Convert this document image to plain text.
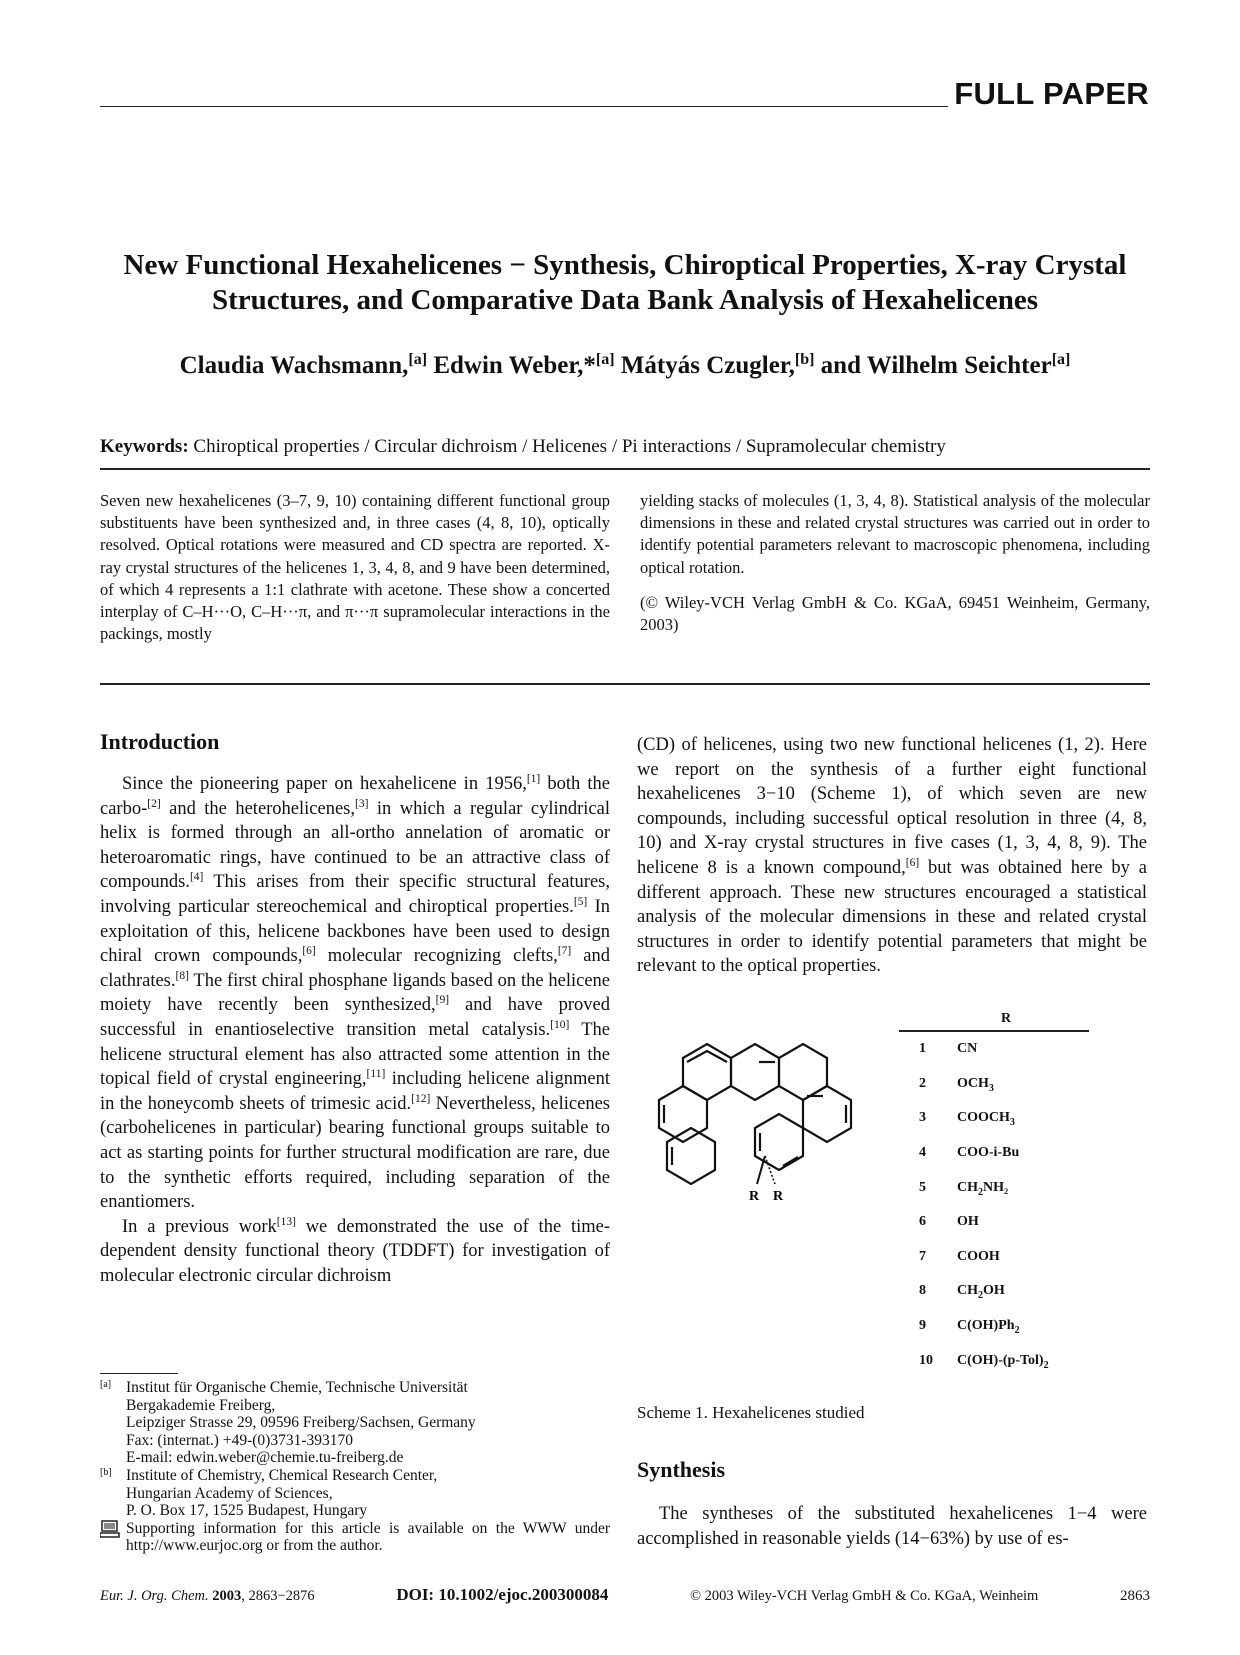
FULL PAPER
New Functional Hexahelicenes − Synthesis, Chiroptical Properties, X-ray Crystal Structures, and Comparative Data Bank Analysis of Hexahelicenes
Claudia Wachsmann,[a] Edwin Weber,*[a] Mátyás Czugler,[b] and Wilhelm Seichter[a]
Keywords: Chiroptical properties / Circular dichroism / Helicenes / Pi interactions / Supramolecular chemistry

Seven new hexahelicenes (3–7, 9, 10) containing different functional group substituents have been synthesized and, in three cases (4, 8, 10), optically resolved. Optical rotations were measured and CD spectra are reported. X-ray crystal structures of the helicenes 1, 3, 4, 8, and 9 have been determined, of which 4 represents a 1:1 clathrate with acetone. These show a concerted interplay of C–H···O, C–H···π, and π···π supramolecular interactions in the packings, mostly

yielding stacks of molecules (1, 3, 4, 8). Statistical analysis of the molecular dimensions in these and related crystal structures was carried out in order to identify potential parameters relevant to macroscopic phenomena, including optical rotation.

(© Wiley-VCH Verlag GmbH & Co. KGaA, 69451 Weinheim, Germany, 2003)

Introduction

Since the pioneering paper on hexahelicene in 1956,[1] both the carbo-[2] and the heterohelicenes,[3] in which a regular cylindrical helix is formed through an all-ortho annelation of aromatic or heteroaromatic rings, have continued to be an attractive class of compounds.[4] This arises from their specific structural features, involving particular stereochemical and chiroptical properties.[5] In exploitation of this, helicene backbones have been used to design chiral crown compounds,[6] molecular recognizing clefts,[7] and clathrates.[8] The first chiral phosphane ligands based on the helicene moiety have recently been synthesized,[9] and have proved successful in enantioselective transition metal catalysis.[10] The helicene structural element has also attracted some attention in the topical field of crystal engineering,[11] including helicene alignment in the honeycomb sheets of trimesic acid.[12] Nevertheless, helicenes (carbohelicenes in particular) bearing functional groups suitable to act as starting points for further structural modification are rare, due to the synthetic efforts required, including separation of the enantiomers.

In a previous work[13] we demonstrated the use of the time-dependent density functional theory (TDDFT) for investigation of molecular electronic circular dichroism

(CD) of helicenes, using two new functional helicenes (1, 2). Here we report on the synthesis of a further eight functional hexahelicenes 3−10 (Scheme 1), of which seven are new compounds, including successful optical resolution in three (4, 8, 10) and X-ray crystal structures in five cases (1, 3, 4, 8, 9). The helicene 8 is a known compound,[6] but was obtained here by a different approach. These new structures encouraged a statistical analysis of the molecular dimensions in these and related crystal structures in order to identify potential parameters that might be relevant to the optical properties.

R R
R
1	CN
2	$OCH_3$
3	$COOCH_3$
4	COO-i-Bu
5	$CH_2NH_2$
6	OH
7	COOH
8	$CH_2OH$
9	$C(OH)Ph_2$
10	$C(OH)-(p-Tol)_2$
Scheme 1. Hexahelicenes studied
Synthesis

The syntheses of the substituted hexahelicenes 1−4 were accomplished in reasonable yields (14−63%) by use of es-

[a] Institut für Organische Chemie, Technische Universität
Bergakademie Freiberg,
Leipziger Strasse 29, 09596 Freiberg/Sachsen, Germany
Fax: (internat.) +49-(0)3731-393170
E-mail: edwin.weber@chemie.tu-freiberg.de
[b] Institute of Chemistry, Chemical Research Center,
Hungarian Academy of Sciences,
P. O. Box 17, 1525 Budapest, Hungary
Supporting information for this article is available on the WWW under http://www.eurjoc.org or from the author.
Eur. J. Org. Chem. 2003, 2863−2876	DOI: 10.1002/ejoc.200300084	© 2003 Wiley-VCH Verlag GmbH & Co. KGaA, Weinheim	2863
